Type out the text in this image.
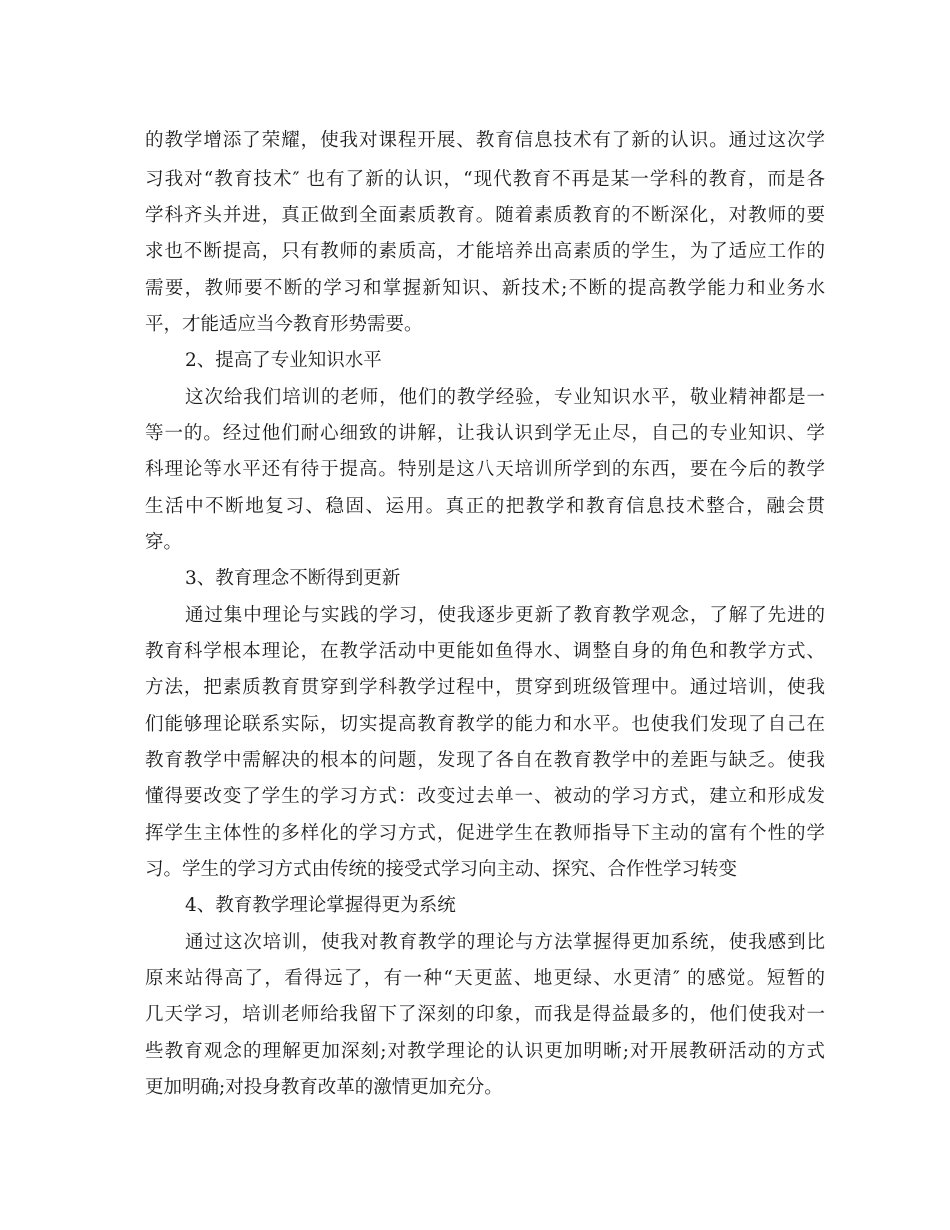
的教学增添了荣耀，使我对课程开展、教育信息技术有了新的认识。通过这次学
习我对“教育技术″ 也有了新的认识，“现代教育不再是某一学科的教育，而是各
学科齐头并进，真正做到全面素质教育。随着素质教育的不断深化，对教师的要
求也不断提高，只有教师的素质高，才能培养出高素质的学生，为了适应工作的
需要，教师要不断的学习和掌握新知识、新技术;不断的提高教学能力和业务水
平，才能适应当今教育形势需要。
2、提高了专业知识水平
这次给我们培训的老师，他们的教学经验，专业知识水平，敬业精神都是一
等一的。经过他们耐心细致的讲解，让我认识到学无止尽，自己的专业知识、学
科理论等水平还有待于提高。特别是这八天培训所学到的东西，要在今后的教学
生活中不断地复习、稳固、运用。真正的把教学和教育信息技术整合，融会贯
穿。
3、教育理念不断得到更新
通过集中理论与实践的学习，使我逐步更新了教育教学观念，了解了先进的
教育科学根本理论，在教学活动中更能如鱼得水、调整自身的角色和教学方式、
方法，把素质教育贯穿到学科教学过程中，贯穿到班级管理中。通过培训，使我
们能够理论联系实际，切实提高教育教学的能力和水平。也使我们发现了自己在
教育教学中需解决的根本的问题，发现了各自在教育教学中的差距与缺乏。使我
懂得要改变了学生的学习方式：改变过去单一、被动的学习方式，建立和形成发
挥学生主体性的多样化的学习方式，促进学生在教师指导下主动的富有个性的学
习。学生的学习方式由传统的接受式学习向主动、探究、合作性学习转变
4、教育教学理论掌握得更为系统
通过这次培训，使我对教育教学的理论与方法掌握得更加系统，使我感到比
原来站得高了，看得远了，有一种“天更蓝、地更绿、水更清″ 的感觉。短暂的
几天学习，培训老师给我留下了深刻的印象，而我是得益最多的，他们使我对一
些教育观念的理解更加深刻;对教学理论的认识更加明晰;对开展教研活动的方式
更加明确;对投身教育改革的激情更加充分。
